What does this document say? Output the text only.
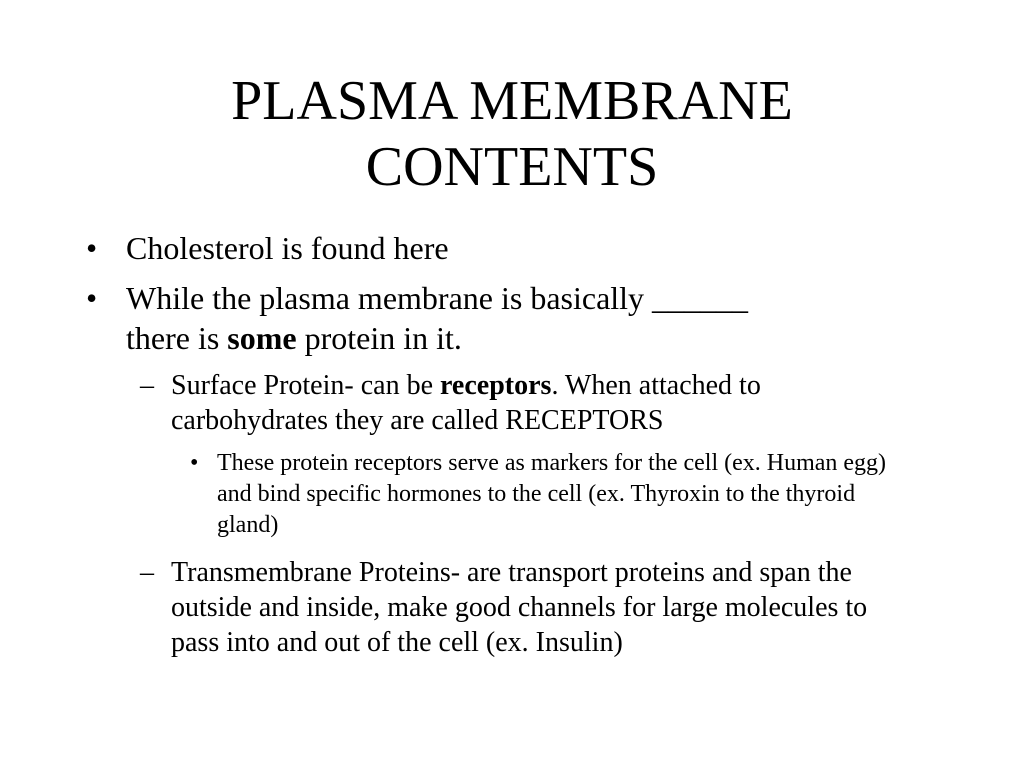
PLASMA MEMBRANE
CONTENTS
• Cholesterol is found here
• While the plasma membrane is basically ______
there is some protein in it.
– Surface Protein- can be receptors. When attached to carbohydrates they are called RECEPTORS
• These protein receptors serve as markers for the cell (ex. Human egg) and bind specific hormones to the cell (ex. Thyroxin to the thyroid gland)
– Transmembrane Proteins- are transport proteins and span the outside and inside, make good channels for large molecules to pass into and out of the cell (ex. Insulin)
